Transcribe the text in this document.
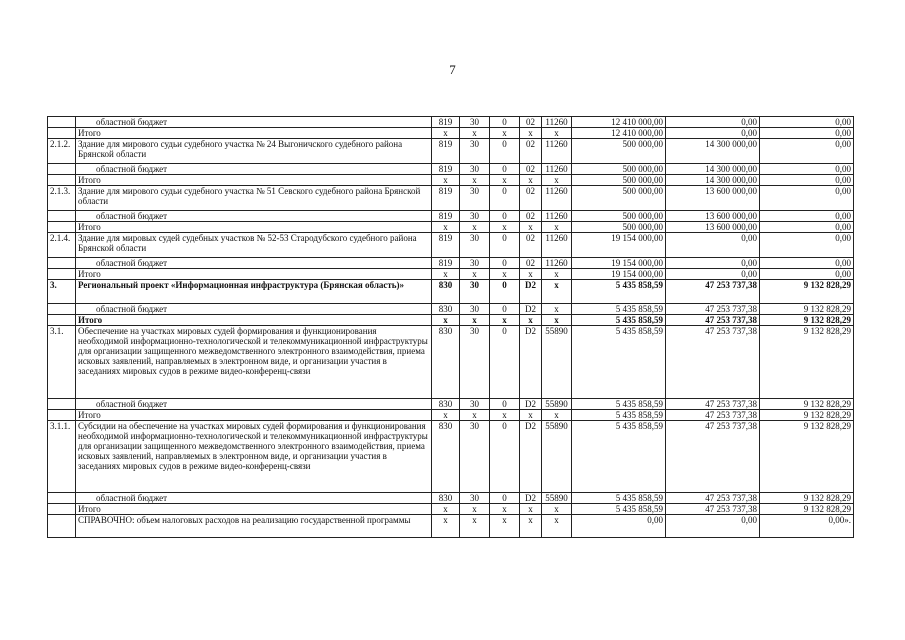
7
	областной бюджет	819	30	0	02	11260	12 410 000,00	0,00	0,00
	Итого	х	х	х	х	х	12 410 000,00	0,00	0,00
2.1.2.	Здание для мирового судьи судебного участка № 24 Выгоничского судебного района Брянской области	819	30	0	02	11260	500 000,00	14 300 000,00	0,00
	областной бюджет	819	30	0	02	11260	500 000,00	14 300 000,00	0,00
	Итого	х	х	х	х	х	500 000,00	14 300 000,00	0,00
2.1.3.	Здание для мирового судьи судебного участка № 51 Севского судебного района Брянской области	819	30	0	02	11260	500 000,00	13 600 000,00	0,00
	областной бюджет	819	30	0	02	11260	500 000,00	13 600 000,00	0,00
	Итого	х	х	х	х	х	500 000,00	13 600 000,00	0,00
2.1.4.	Здание для мировых судей судебных участков № 52-53 Стародубского судебного района Брянской области	819	30	0	02	11260	19 154 000,00	0,00	0,00
	областной бюджет	819	30	0	02	11260	19 154 000,00	0,00	0,00
	Итого	х	х	х	х	х	19 154 000,00	0,00	0,00
3.	Региональный проект «Информационная инфраструктура (Брянская область)»	830	30	0	D2	х	5 435 858,59	47 253 737,38	9 132 828,29
	областной бюджет	830	30	0	D2	х	5 435 858,59	47 253 737,38	9 132 828,29
	Итого	х	х	х	х	х	5 435 858,59	47 253 737,38	9 132 828,29
3.1.	Обеспечение на участках мировых судей формирования и функционирования необходимой информационно-технологической и телекоммуникационной инфраструктуры для организации защищенного межведомственного электронного взаимодействия, приема исковых заявлений, направляемых в электронном виде, и организации участия в заседаниях мировых судов в режиме видео-конференц-связи	830	30	0	D2	55890	5 435 858,59	47 253 737,38	9 132 828,29
	областной бюджет	830	30	0	D2	55890	5 435 858,59	47 253 737,38	9 132 828,29
	Итого	х	х	х	х	х	5 435 858,59	47 253 737,38	9 132 828,29
3.1.1.	Субсидии на обеспечение на участках мировых судей формирования и функционирования необходимой информационно-технологической и телекоммуникационной инфраструктуры для организации защищенного межведомственного электронного взаимодействия, приема исковых заявлений, направляемых в электронном виде, и организации участия в заседаниях мировых судов в режиме видео-конференц-связи	830	30	0	D2	55890	5 435 858,59	47 253 737,38	9 132 828,29
	областной бюджет	830	30	0	D2	55890	5 435 858,59	47 253 737,38	9 132 828,29
	Итого	х	х	х	х	х	5 435 858,59	47 253 737,38	9 132 828,29
	СПРАВОЧНО: объем налоговых расходов на реализацию государственной программы	х	х	х	х	х	0,00	0,00	0,00».
